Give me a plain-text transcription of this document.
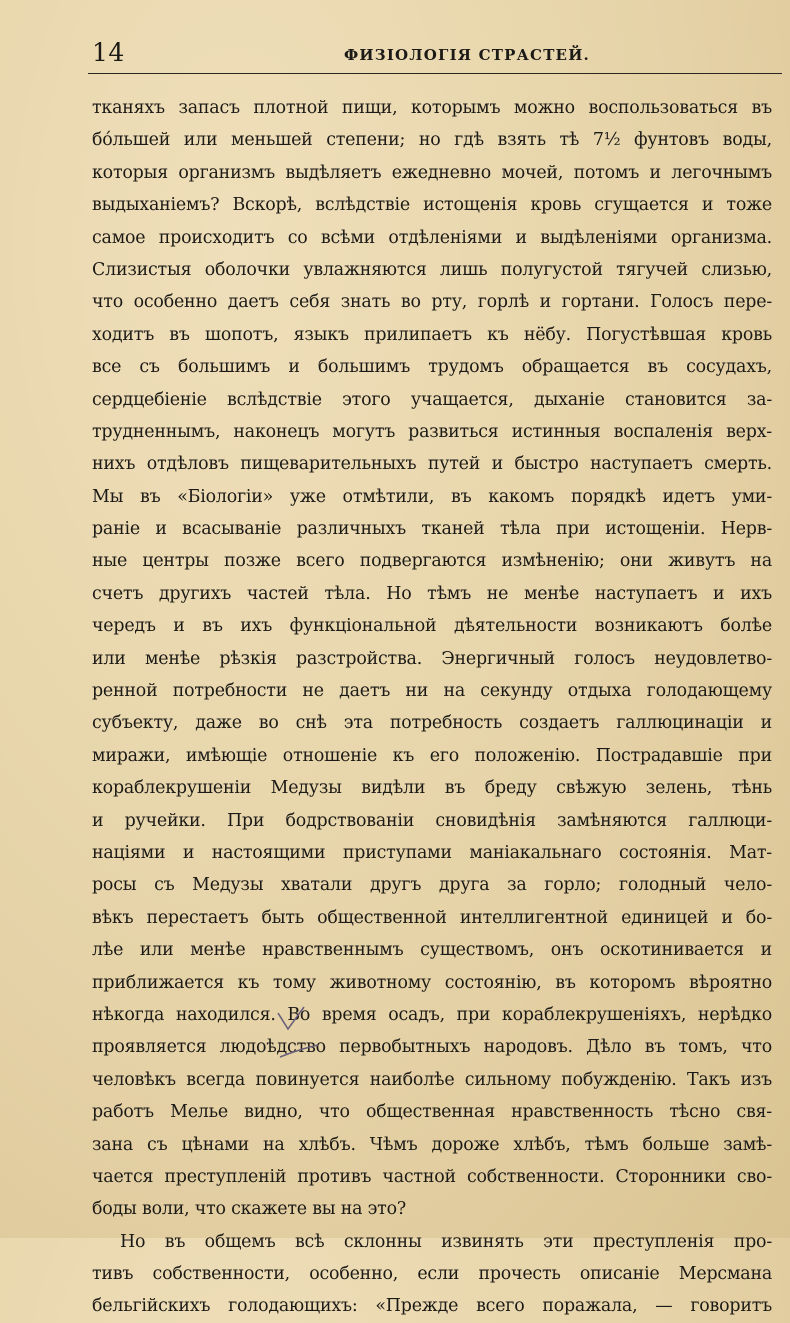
14	ФИЗІОЛОГІЯ СТРАСТЕЙ.
тканяхъ запасъ плотной пищи, которымъ можно воспользоваться въ
бóльшей или меньшей степени; но гдѣ взять тѣ 7½ фунтовъ воды,
которыя организмъ выдѣляетъ ежедневно мочей, потомъ и легочнымъ
выдыханіемъ? Вскорѣ, вслѣдствіе истощенія кровь сгущается и тоже
самое происходитъ со всѣми отдѣленіями и выдѣленіями организма.
Слизистыя оболочки увлажняются лишь полугустой тягучей слизью,
что особенно даетъ себя знать во рту, горлѣ и гортани. Голосъ пере-
ходитъ въ шопотъ, языкъ прилипаетъ къ нёбу. Погустѣвшая кровь
все съ большимъ и большимъ трудомъ обращается въ сосудахъ,
сердцебіеніе вслѣдствіе этого учащается, дыханіе становится за-
трудненнымъ, наконецъ могутъ развиться истинныя воспаленія верх-
нихъ отдѣловъ пищеварительныхъ путей и быстро наступаетъ смерть.
Мы въ «Біологіи» уже отмѣтили, въ какомъ порядкѣ идетъ уми-
раніе и всасываніе различныхъ тканей тѣла при истощеніи. Нерв-
ные центры позже всего подвергаются измѣненію; они живутъ на
счетъ другихъ частей тѣла. Но тѣмъ не менѣе наступаетъ и ихъ
чередъ и въ ихъ функціональной дѣятельности возникаютъ болѣе
или менѣе рѣзкія разстройства. Энергичный голосъ неудовлетво-
ренной потребности не даетъ ни на секунду отдыха голодающему
субъекту, даже во снѣ эта потребность создаетъ галлюцинаціи и
миражи, имѣющіе отношеніе къ его положенію. Пострадавшіе при
кораблекрушеніи Медузы видѣли въ бреду свѣжую зелень, тѣнь
и ручейки. При бодрствованіи сновидѣнія замѣняются галлюци-
націями и настоящими приступами маніакальнаго состоянія. Мат-
росы съ Медузы хватали другъ друга за горло; голодный чело-
вѣкъ перестаетъ быть общественной интеллигентной единицей и бо-
лѣе или менѣе нравственнымъ существомъ, онъ оскотинивается и
приближается къ тому животному состоянію, въ которомъ вѣроятно
нѣкогда находился. Во время осадъ, при кораблекрушеніяхъ, нерѣдко
проявляется людоѣдство первобытныхъ народовъ. Дѣло въ томъ, что
человѣкъ всегда повинуется наиболѣе сильному побужденію. Такъ изъ
работъ Мелье видно, что общественная нравственность тѣсно свя-
зана съ цѣнами на хлѣбъ. Чѣмъ дороже хлѣбъ, тѣмъ больше замѣ-
чается преступленій противъ частной собственности. Сторонники сво-
боды воли, что скажете вы на это?
Но въ общемъ всѣ склонны извинять эти преступленія про-
тивъ собственности, особенно, если прочесть описаніе Мерсмана
бельгійскихъ голодающихъ: «Прежде всего поражала, — говоритъ
